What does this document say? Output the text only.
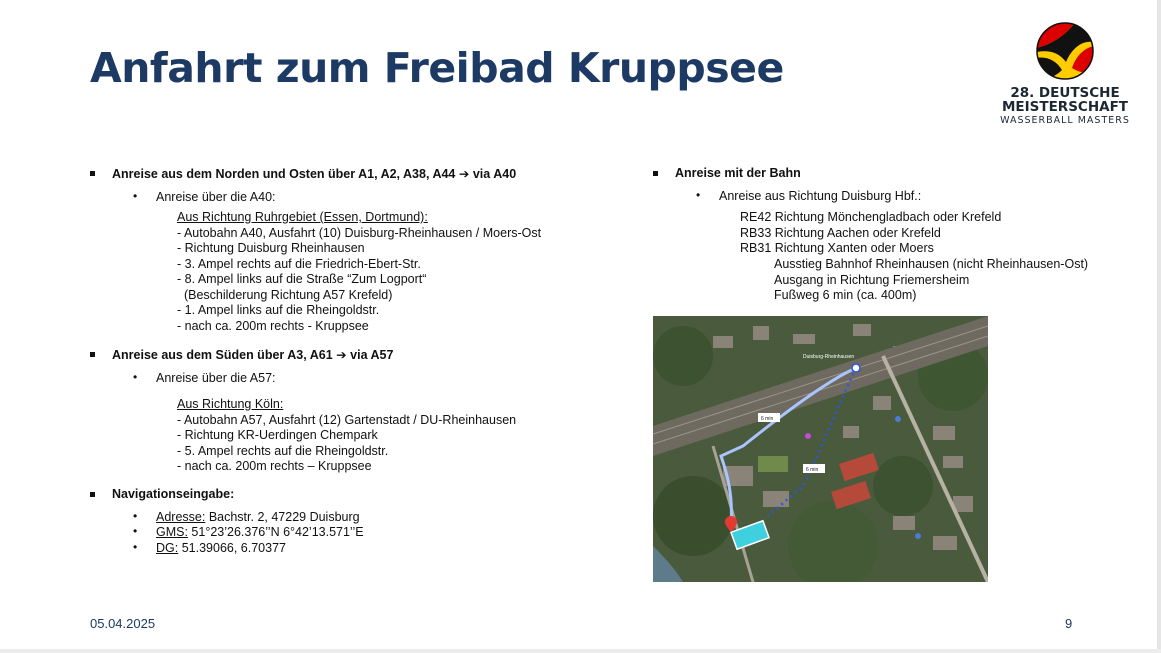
Anfahrt zum Freibad Kruppsee
28. DEUTSCHE
MEISTERSCHAFT
WASSERBALL MASTERS
Anreise aus dem Norden und Osten über A1, A2, A38, A44 ➔ via A40
• Anreise über die A40:
Aus Richtung Ruhrgebiet (Essen, Dortmund):
- Autobahn A40, Ausfahrt (10) Duisburg-Rheinhausen / Moers-Ost
- Richtung Duisburg Rheinhausen
- 3. Ampel rechts auf die Friedrich-Ebert-Str.
- 8. Ampel links auf die Straße “Zum Logport“
(Beschilderung Richtung A57 Krefeld)
- 1. Ampel links auf die Rheingoldstr.
- nach ca. 200m rechts - Kruppsee
Anreise aus dem Süden über A3, A61 ➔ via A57
• Anreise über die A57:
Aus Richtung Köln:
- Autobahn A57, Ausfahrt (12) Gartenstadt / DU-Rheinhausen
- Richtung KR-Uerdingen Chempark
- 5. Ampel rechts auf die Rheingoldstr.
- nach ca. 200m rechts – Kruppsee
Navigationseingabe:
• Adresse: Bachstr. 2, 47229 Duisburg
• GMS: 51°23’26.376’’N 6°42’13.571’’E
• DG: 51.39066, 6.70377
Anreise mit der Bahn
• Anreise aus Richtung Duisburg Hbf.:
RE42 Richtung Mönchengladbach oder Krefeld
RB33 Richtung Aachen oder Krefeld
RB31 Richtung Xanten oder Moers
Ausstieg Bahnhof Rheinhausen (nicht Rheinhausen-Ost)
Ausgang in Richtung Friemersheim
Fußweg 6 min (ca. 400m)
Duisburg-Rheinhausen
6 min
6 min
05.04.2025	9
